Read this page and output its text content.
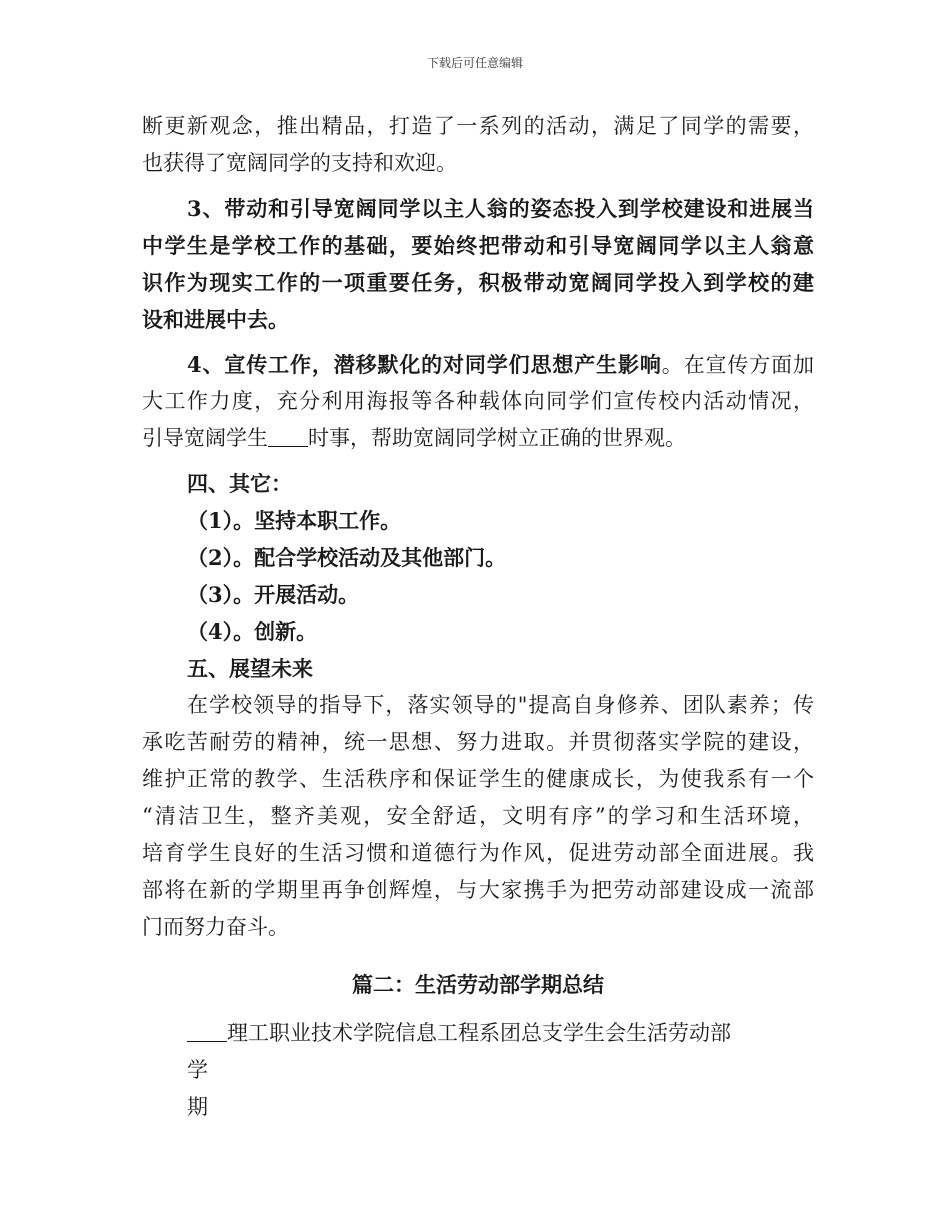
下载后可任意编辑
断更新观念，推出精品，打造了一系列的活动，满足了同学的需要，
也获得了宽阔同学的支持和欢迎。
3、带动和引导宽阔同学以主人翁的姿态投入到学校建设和进展当
中学生是学校工作的基础，要始终把带动和引导宽阔同学以主人翁意
识作为现实工作的一项重要任务，积极带动宽阔同学投入到学校的建
设和进展中去。
4、宣传工作，潜移默化的对同学们思想产生影响。在宣传方面加
大工作力度，充分利用海报等各种载体向同学们宣传校内活动情况，
引导宽阔学生 时事，帮助宽阔同学树立正确的世界观。
四、其它：
（1）。坚持本职工作。
（2）。配合学校活动及其他部门。
（3）。开展活动。
（4）。创新。
五、展望未来
在学校领导的指导下，落实领导的"提高自身修养、团队素养；传
承吃苦耐劳的精神，统一思想、努力进取。并贯彻落实学院的建设，
维护正常的教学、生活秩序和保证学生的健康成长，为使我系有一个
“清洁卫生，整齐美观，安全舒适，文明有序”的学习和生活环境，
培育学生良好的生活习惯和道德行为作风，促进劳动部全面进展。我
部将在新的学期里再争创辉煌，与大家携手为把劳动部建设成一流部
门而努力奋斗。
篇二：生活劳动部学期总结
理工职业技术学院信息工程系团总支学生会生活劳动部
学
期
